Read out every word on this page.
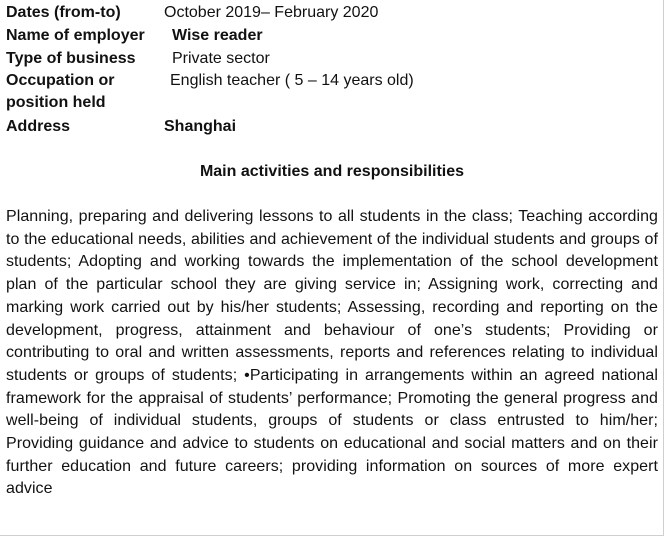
Dates (from-to)	October 2019– February 2020
Name of employer Wise reader
Type of business Private sector
Occupation or
position held
English teacher ( 5 – 14 years old)
Address	Shanghai
Main activities and responsibilities
Planning, preparing and delivering lessons to all students in the class; Teaching according to the educational needs, abilities and achievement of the individual students and groups of students; Adopting and working towards the implementation of the school development plan of the particular school they are giving service in; Assigning work, correcting and marking work carried out by his/her students; Assessing, recording and reporting on the development, progress, attainment and behaviour of one’s students; Providing or contributing to oral and written assessments, reports and references relating to individual students or groups of students; •Participating in arrangements within an agreed national framework for the appraisal of students’ performance; Promoting the general progress and well-being of individual students, groups of students or class entrusted to him/her; Providing guidance and advice to students on educational and social matters and on their further education and future careers; providing information on sources of more expert advice
